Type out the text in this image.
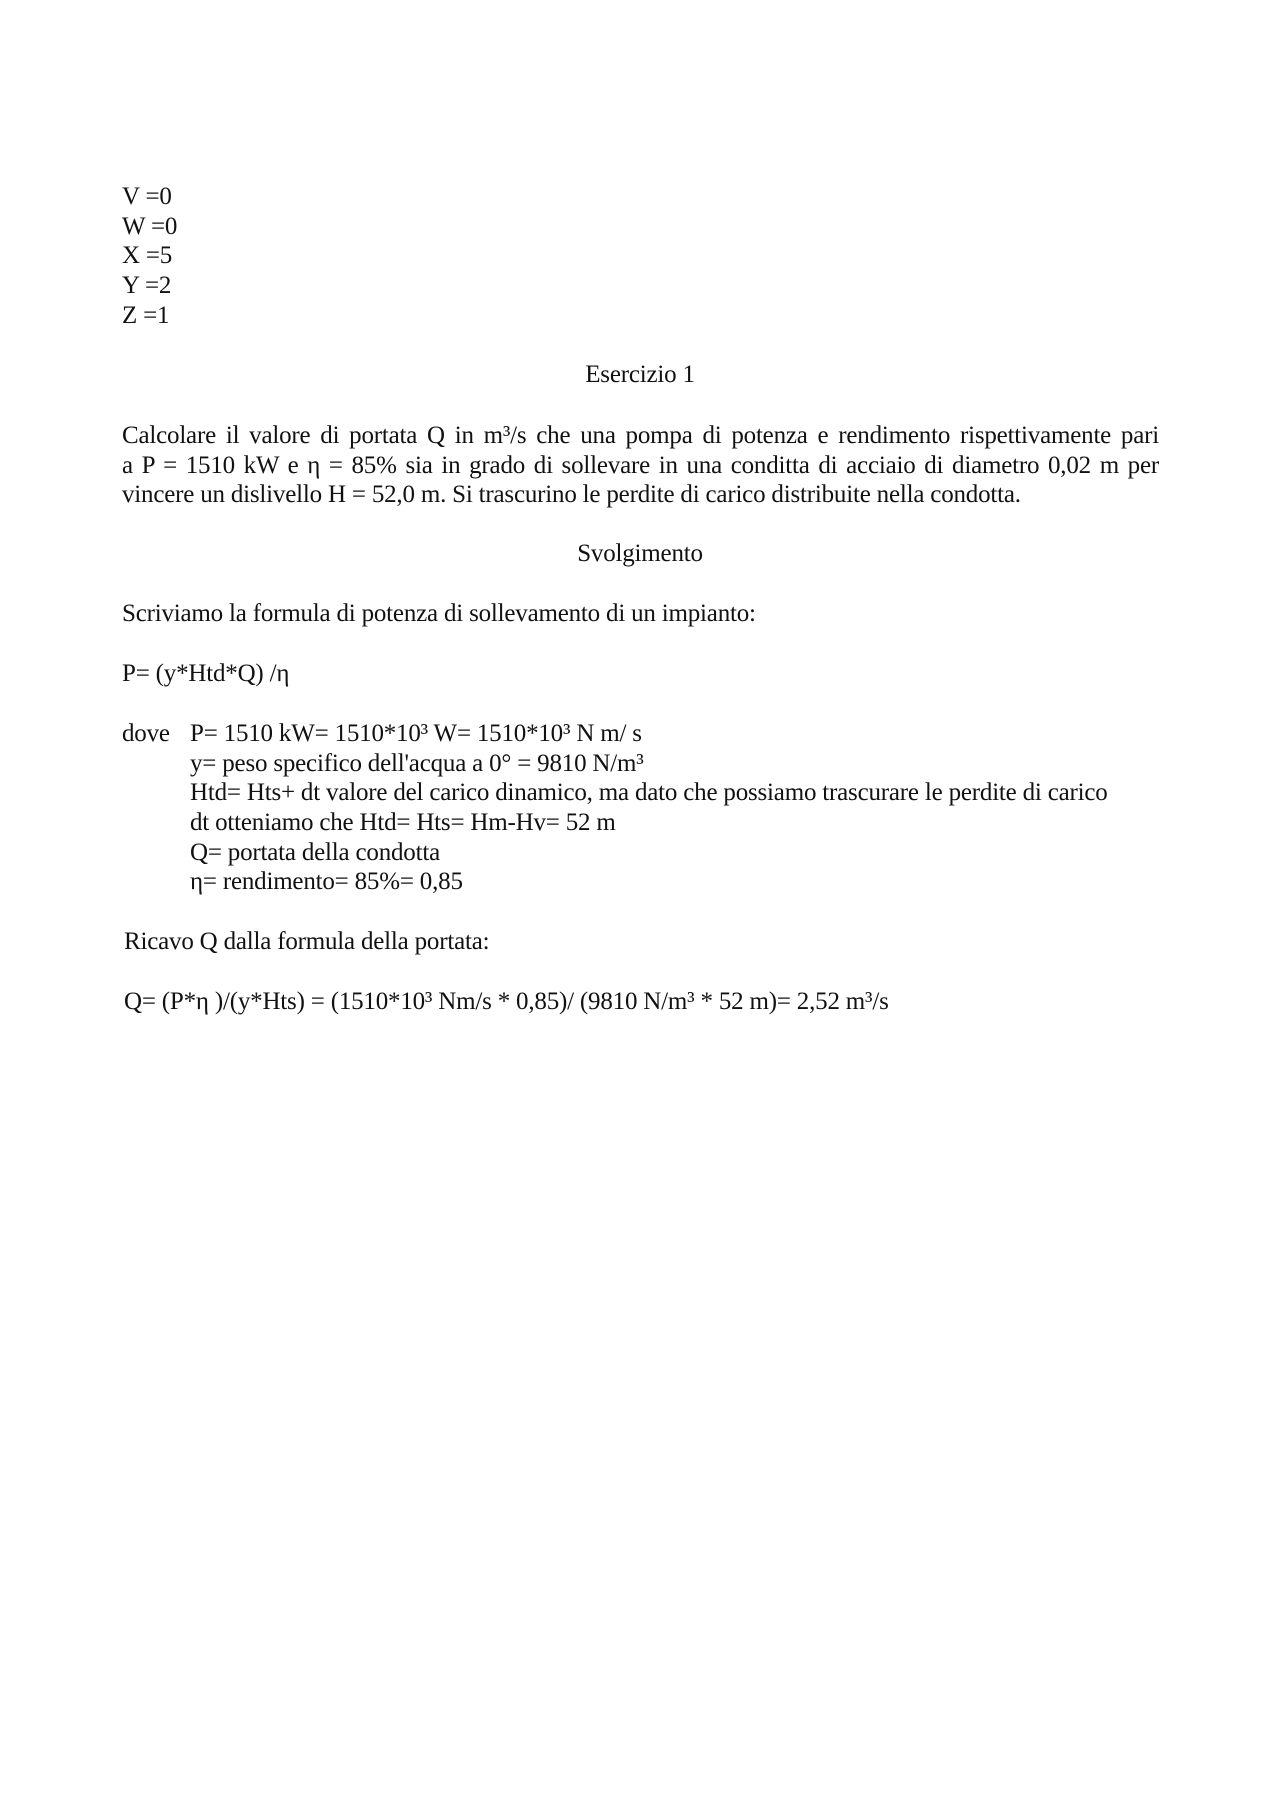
V =0
W =0
X =5
Y =2
Z =1
Esercizio 1
Calcolare il valore di portata Q in m³/s che una pompa di potenza e rendimento rispettivamente pari
a P = 1510 kW e η = 85% sia in grado di sollevare in una conditta di acciaio di diametro 0,02 m per
vincere un dislivello H = 52,0 m. Si trascurino le perdite di carico distribuite nella condotta.
Svolgimento
Scriviamo la formula di potenza di sollevamento di un impianto:
P= (y*Htd*Q) /η
dove P= 1510 kW= 1510*10³ W= 1510*10³ N m/ s
y= peso specifico dell'acqua a 0° = 9810 N/m³
Htd= Hts+ dt valore del carico dinamico, ma dato che possiamo trascurare le perdite di carico
dt otteniamo che Htd= Hts= Hm-Hv= 52 m
Q= portata della condotta
η= rendimento= 85%= 0,85
Ricavo Q dalla formula della portata:
Q= (P*η )/(y*Hts) = (1510*10³ Nm/s * 0,85)/ (9810 N/m³ * 52 m)= 2,52 m³/s
